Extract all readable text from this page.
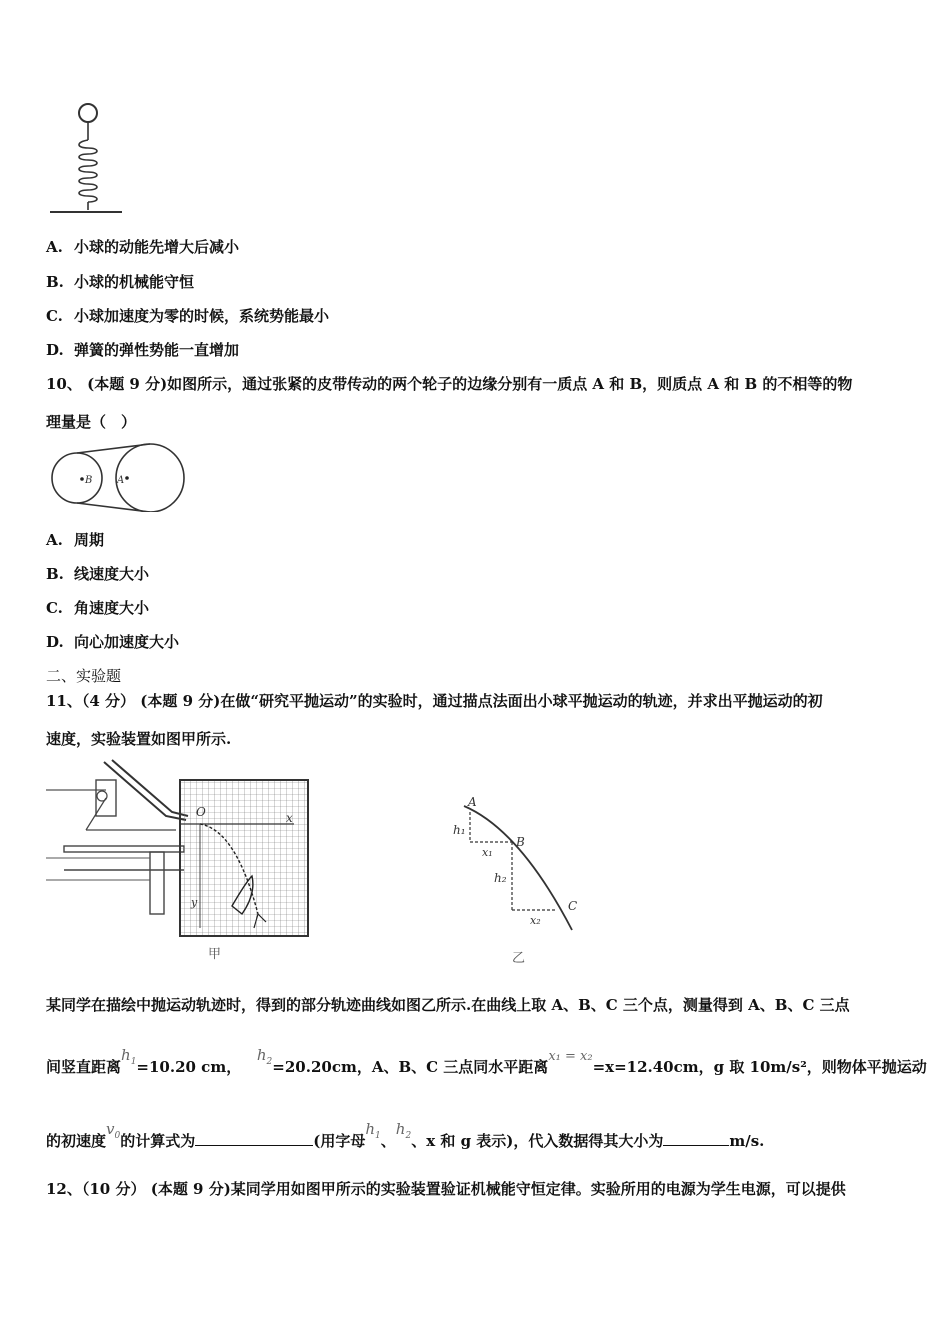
A. 小球的动能先增大后减小
B. 小球的机械能守恒
C. 小球加速度为零的时候，系统势能最小
D. 弹簧的弹性势能一直增加
10、 (本题 9 分)如图所示，通过张紧的皮带传动的两个轮子的边缘分别有一质点 A 和 B，则质点 A 和 B 的不相等的物
理量是（　）
B A
A. 周期
B. 线速度大小
C. 角速度大小
D. 向心加速度大小
二、实验题
11、（4 分） (本题 9 分)在做“研究平抛运动”的实验时，通过描点法面出小球平抛运动的轨迹，并求出平抛运动的初
速度，实验装置如图甲所示.
x
O
y
甲
A
B
C
h₁
x₁
h₂
x₂
乙
某同学在描绘中抛运动轨迹时，得到的部分轨迹曲线如图乙所示.在曲线上取 A、B、C 三个点，测量得到 A、B、C 三点
间竖直距离$h_1=10.20$ cm，   $h_2=20.20cm$，A、B、C 三点同水平距离x₁ = x₂=x=12.40cm，g 取 10m/s²，则物体平抛运动
的初速度$v_0$的计算式为	(用字母$h_1$、$h_2$、x 和 g 表示)，代入数据得其大小为	m/s.
12、（10 分） (本题 9 分)某同学用如图甲所示的实验装置验证机械能守恒定律。实验所用的电源为学生电源，可以提供
